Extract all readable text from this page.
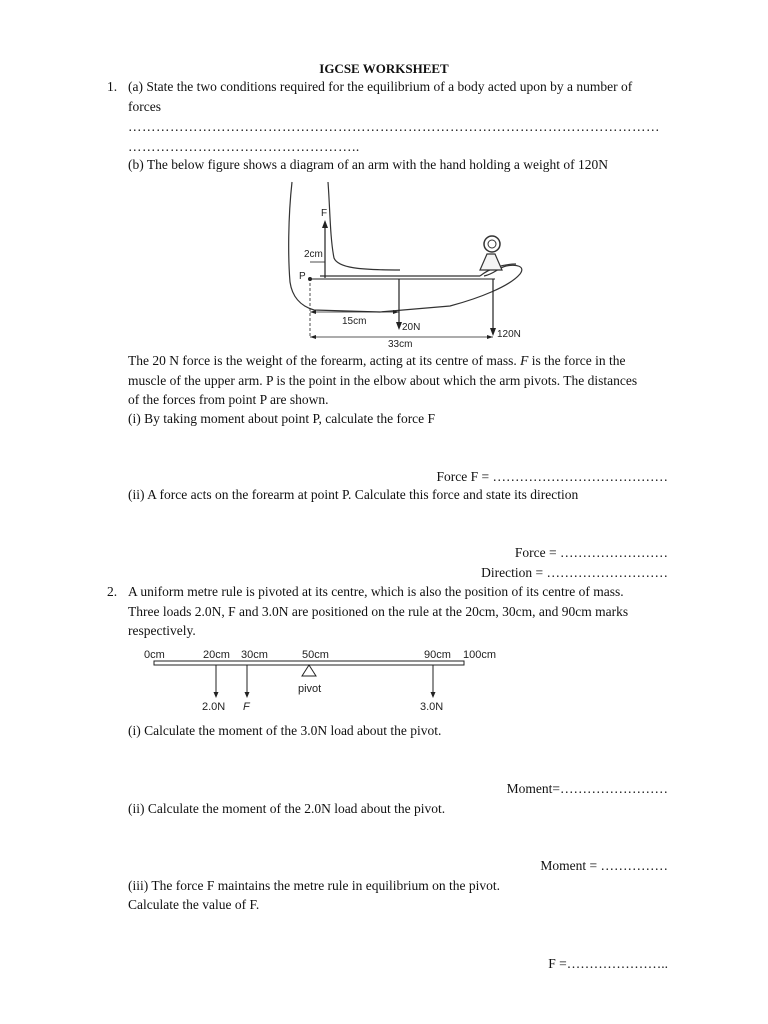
IGCSE WORKSHEET
1. (a) State the two conditions required for the equilibrium of a body acted upon by a number of
forces
……………………………………………………………………………………………………
…………………………………………..
(b) The below figure shows a diagram of an arm with the hand holding a weight of 120N
F
2cm
P
20N
120N
15cm
33cm
The 20 N force is the weight of the forearm, acting at its centre of mass. F is the force in the
muscle of the upper arm. P is the point in the elbow about which the arm pivots. The distances
of the forces from point P are shown.
(i) By taking moment about point P, calculate the force F
Force F = …………………………………
(ii) A force acts on the forearm at point P. Calculate this force and state its direction
Force = ……………………
Direction = ………………………
2. A uniform metre rule is pivoted at its centre, which is also the position of its centre of mass.
Three loads 2.0N, F and 3.0N are positioned on the rule at the 20cm, 30cm, and 90cm marks
respectively.
0cm	20cm 30cm	50cm	90cm 100cm
pivot
2.0N F	3.0N
(i) Calculate the moment of the 3.0N load about the pivot.
Moment=……………………
(ii) Calculate the moment of the 2.0N load about the pivot.
Moment = ……………
(iii) The force F maintains the metre rule in equilibrium on the pivot.
Calculate the value of F.
F =…………………..
